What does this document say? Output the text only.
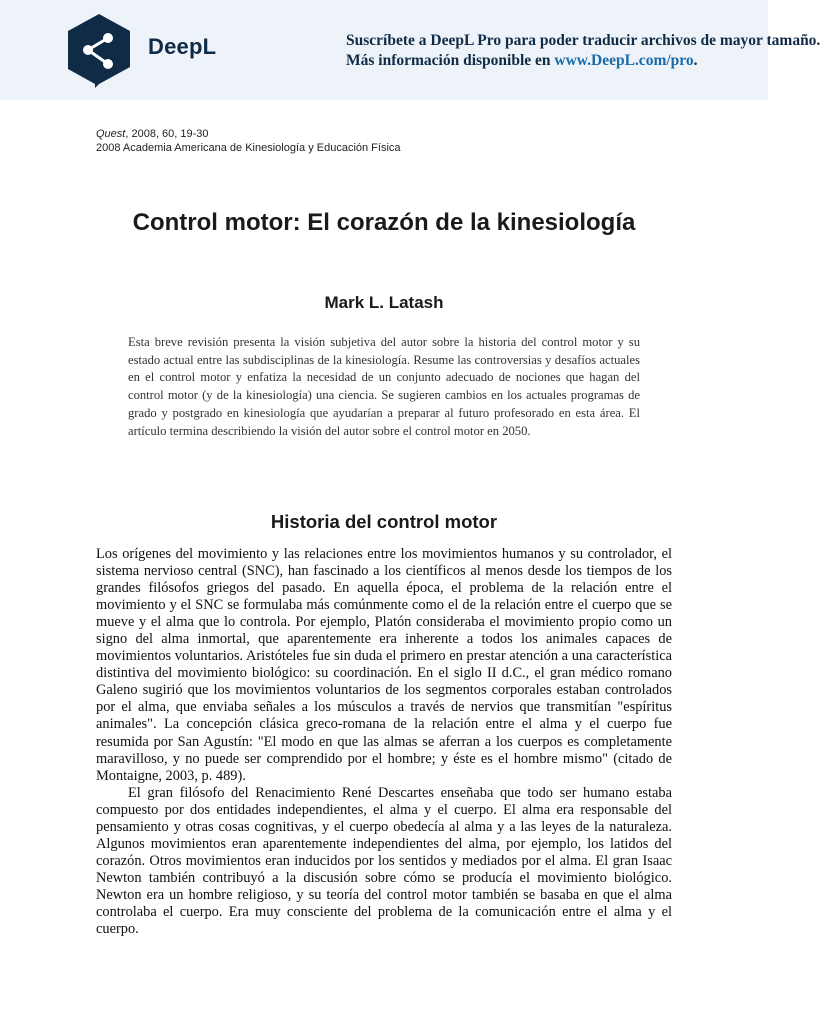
DeepL	Suscríbete a DeepL Pro para poder traducir archivos de mayor tamaño.
Más información disponible en www.DeepL.com/pro.
Quest, 2008, 60, 19-30
2008 Academia Americana de Kinesiología y Educación Física
Control motor: El corazón de la kinesiología
Mark L. Latash
Esta breve revisión presenta la visión subjetiva del autor sobre la historia del control motor y su estado actual entre las subdisciplinas de la kinesiología. Resume las controversias y desafíos actuales en el control motor y enfatiza la necesidad de un conjunto adecuado de nociones que hagan del control motor (y de la kinesiología) una ciencia. Se sugieren cambios en los actuales programas de grado y postgrado en kinesiología que ayudarían a preparar al futuro profesorado en esta área. El artículo termina describiendo la visión del autor sobre el control motor en 2050.
Historia del control motor

Los orígenes del movimiento y las relaciones entre los movimientos humanos y su controlador, el sistema nervioso central (SNC), han fascinado a los científicos al menos desde los tiempos de los grandes filósofos griegos del pasado. En aquella época, el problema de la relación entre el movimiento y el SNC se formulaba más comúnmente como el de la relación entre el cuerpo que se mueve y el alma que lo controla. Por ejemplo, Platón consideraba el movimiento propio como un signo del alma inmortal, que aparentemente era inherente a todos los animales capaces de movimientos voluntarios. Aristóteles fue sin duda el primero en prestar atención a una característica distintiva del movimiento biológico: su coordinación. En el siglo II d.C., el gran médico romano Galeno sugirió que los movimientos voluntarios de los segmentos corporales estaban controlados por el alma, que enviaba señales a los músculos a través de nervios que transmitían "espíritus animales". La concepción clásica greco-romana de la relación entre el alma y el cuerpo fue resumida por San Agustín: "El modo en que las almas se aferran a los cuerpos es completamente maravilloso, y no puede ser comprendido por el hombre; y éste es el hombre mismo" (citado de Montaigne, 2003, p. 489).

El gran filósofo del Renacimiento René Descartes enseñaba que todo ser humano estaba compuesto por dos entidades independientes, el alma y el cuerpo. El alma era responsable del pensamiento y otras cosas cognitivas, y el cuerpo obedecía al alma y a las leyes de la naturaleza. Algunos movimientos eran aparentemente independientes del alma, por ejemplo, los latidos del corazón. Otros movimientos eran inducidos por los sentidos y mediados por el alma. El gran Isaac Newton también contribuyó a la discusión sobre cómo se producía el movimiento biológico. Newton era un hombre religioso, y su teoría del control motor también se basaba en que el alma controlaba el cuerpo. Era muy consciente del problema de la comunicación entre el alma y el cuerpo.
